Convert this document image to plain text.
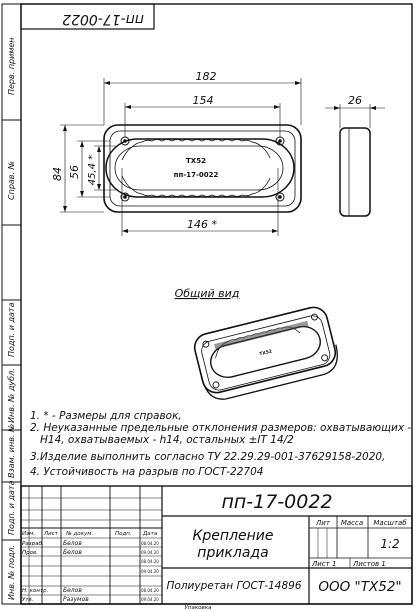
Перв. примен
Справ. №
Подп. и дата
Инв. № дубл.
Взам. инв. №
Подп. и дата
Инв. № подл.
пп-17-0022
ТХ52
пп-17-0022
182
154	26
84 56 45,4 *
146 *
Общий вид
ТХ52
1. * - Размеры для справок,
2. Неуказанные предельные отклонения размеров: охватывающих -
H14, охватываемых - h14, остальных ±IT 14/2
3.Изделие выполнить согласно ТУ 22.29.29-001-37629158-2020,
4. Устойчивость на разрыв по ГОСТ-22704
Изм. Лист № докум.	Подп. Дата
Разраб.	Белов	08.04.20
Пров.	Белов	09.04.20
08.04.20
09.04.20
Н. контр. Белов	08.04.20
Утв.	Разумов	09.04.20
пп-17-0022
Крепление
приклада
Лит Масса Масштаб
1:2
Лист 1 Листов 1
Полиуретан ГОСТ-14896 ООО "ТХ52"
Упаковка
